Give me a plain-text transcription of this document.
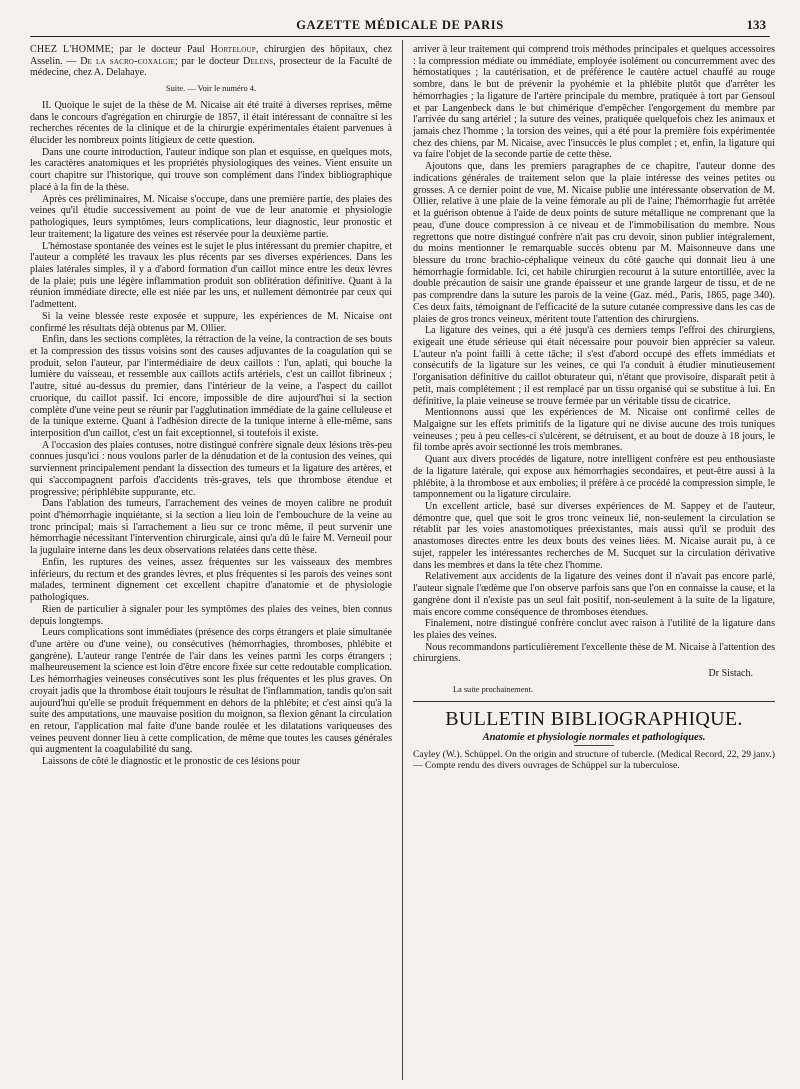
GAZETTE MÉDICALE DE PARIS	133

CHEZ L'HOMME; par le docteur Paul Horteloup, chirurgien des hôpitaux, chez Asselin. — De la sacro-coxalgie; par le docteur Delens, prosecteur de la Faculté de médecine, chez A. Delahaye.

Suite. — Voir le numéro 4.

II. Quoique le sujet de la thèse de M. Nicaise ait été traité à diverses reprises, même dans le concours d'agrégation en chirurgie de 1857, il était intéressant de connaître si les recherches récentes de la clinique et de la chirurgie expérimentales étaient parvenues à élucider les nombreux points litigieux de cette question.

Dans une courte introduction, l'auteur indique son plan et esquisse, en quelques mots, les caractères anatomiques et les propriétés physiologiques des veines. Vient ensuite un court chapitre sur l'historique, qui trouve son complément dans l'index bibliographique placé à la fin de la thèse.

Après ces préliminaires, M. Nicaise s'occupe, dans une première partie, des plaies des veines qu'il étudie successivement au point de vue de leur anatomie et physiologie pathologiques, leurs symptômes, leurs complications, leur diagnostic, leur pronostic et leur traitement; la ligature des veines est réservée pour la deuxième partie.

L'hémostase spontanée des veines est le sujet le plus intéressant du premier chapitre, et l'auteur a complété les travaux les plus récents par ses diverses expériences. Dans les plaies latérales simples, il y a d'abord formation d'un caillot mince entre les deux lèvres de la plaie; puis une légère inflammation produit son oblitération définitive. Quant à la réunion immédiate directe, elle est niée par les uns, et nullement démontrée par ceux qui l'admettent.

Si la veine blessée reste exposée et suppure, les expériences de M. Nicaise ont confirmé les résultats déjà obtenus par M. Ollier.

Enfin, dans les sections complètes, la rétraction de la veine, la contraction de ses bouts et la compression des tissus voisins sont des causes adjuvantes de la coagulation qui se produit, selon l'auteur, par l'intermédiaire de deux caillots : l'un, aplati, qui bouche la lumière du vaisseau, et ressemble aux caillots actifs artériels, c'est un caillot fibrineux ; l'autre, situé au-dessus du premier, dans l'intérieur de la veine, a l'aspect du caillot cruorique, du caillot passif. Ici encore, impossible de dire aujourd'hui si la section complète d'une veine peut se réunir par l'agglutination immédiate de la gaine celluleuse et de la tunique externe. Quant à l'adhésion directe de la tunique interne à elle-même, sans interposition d'un caillot, c'est un fait exceptionnel, si toutefois il existe.

A l'occasion des plaies contuses, notre distingué confrère signale deux lésions très-peu connues jusqu'ici : nous voulons parler de la dénudation et de la contusion des veines, qui surviennent principalement pendant la dissection des tumeurs et la ligature des artères, et qui s'accompagnent parfois d'accidents très-graves, tels que thrombose étendue et progressive; périphlébite suppurante, etc.

Dans l'ablation des tumeurs, l'arrachement des veines de moyen calibre ne produit point d'hémorrhagie inquiétante, si la section a lieu loin de l'embouchure de la veine au tronc principal; mais si l'arrachement a lieu sur ce tronc même, il peut survenir une hémorrhagie nécessitant l'intervention chirurgicale, ainsi qu'a dû le faire M. Verneuil pour la jugulaire interne dans les deux observations relatées dans cette thèse.

Enfin, les ruptures des veines, assez fréquentes sur les vaisseaux des membres inférieurs, du rectum et des grandes lèvres, et plus fréquentes si les parois des veines sont malades, terminent dignement cet excellent chapitre d'anatomie et de physiologie pathologiques.

Rien de particulier à signaler pour les symptômes des plaies des veines, bien connus depuis longtemps.

Leurs complications sont immédiates (présence des corps étrangers et plaie simultanée d'une artère ou d'une veine), ou consécutives (hémorrhagies, thromboses, phlébite et gangrène). L'auteur range l'entrée de l'air dans les veines parmi les corps étrangers ; malheureusement la science est loin d'être encore fixée sur cette redoutable complication. Les hémorrhagies veineuses consécutives sont les plus fréquentes et les plus graves. On croyait jadis que la thrombose était toujours le résultat de l'inflammation, tandis qu'on sait aujourd'hui qu'elle se produit fréquemment en dehors de la phlébite; et c'est ainsi qu'à la suite des amputations, une mauvaise position du moignon, sa flexion gênant la circulation en retour, l'application mal faite d'une bande roulée et les dilatations variqueuses des veines peuvent donner lieu à cette complication, de même que toutes les causes générales qui augmentent la coagulabilité du sang.

Laissons de côté le diagnostic et le pronostic de ces lésions pour

arriver à leur traitement qui comprend trois méthodes principales et quelques accessoires : la compression médiate ou immédiate, employée isolément ou concurremment avec des hémostatiques ; la cautérisation, et de préférence le cautère actuel chauffé au rouge sombre, dans le but de prévenir la pyohémie et la phlébite plutôt que d'arrêter les hémorrhagies ; la ligature de l'artère principale du membre, pratiquée à tort par Gensoul et par Langenbeck dans le but chimérique d'empêcher l'engorgement du membre par l'arrivée du sang artériel ; la suture des veines, pratiquée quelquefois chez les animaux et jamais chez l'homme ; la torsion des veines, qui a été pour la première fois expérimentée chez des chiens, par M. Nicaise, avec l'insuccès le plus complet ; et, enfin, la ligature qui va faire l'objet de la seconde partie de cette thèse.

Ajoutons que, dans les premiers paragraphes de ce chapitre, l'auteur donne des indications générales de traitement selon que la plaie intéresse des veines petites ou grosses. A ce dernier point de vue, M. Nicaise publie une intéressante observation de M. Ollier, relative à une plaie de la veine fémorale au pli de l'aine; l'hémorrhagie fut arrêtée et la guérison obtenue à l'aide de deux points de suture métallique ne comprenant que la peau, d'une douce compression à ce niveau et de l'immobilisation du membre. Nous regrettons que notre distingué confrère n'ait pas cru devoir, sinon publier intégralement, du moins mentionner le remarquable succès obtenu par M. Maisonneuve dans une blessure du tronc brachio-céphalique veineux du côté gauche qui donnait lieu à une hémorrhagie formidable. Ici, cet habile chirurgien recourut à la suture entortillée, avec la double précaution de saisir une grande épaisseur et une grande largeur de tissu, et de ne pas comprendre dans la suture les parois de la veine (Gaz. méd., Paris, 1865, page 340). Ces deux faits, témoignant de l'efficacité de la suture cutanée compressive dans les cas de plaies de gros troncs veineux, méritent toute l'attention des chirurgiens.

La ligature des veines, qui a été jusqu'à ces derniers temps l'effroi des chirurgiens, exigeait une étude sérieuse qui était nécessaire pour pouvoir bien apprécier sa valeur. L'auteur n'a point failli à cette tâche; il s'est d'abord occupé des effets immédiats et consécutifs de la ligature sur les veines, ce qui l'a conduit à étudier minutieusement l'organisation définitive du caillot obturateur qui, n'étant que provisoire, disparaît petit à petit, mais complétement ; il est remplacé par un tissu organisé qui se substitue à lui. En définitive, la plaie veineuse se trouve fermée par un véritable tissu de cicatrice.

Mentionnons aussi que les expériences de M. Nicaise ont confirmé celles de Malgaigne sur les effets primitifs de la ligature qui ne divise aucune des trois tuniques veineuses ; peu à peu celles-ci s'ulcèrent, se détruisent, et au bout de douze à 18 jours, le fil tombe après avoir sectionné les trois membranes.

Quant aux divers procédés de ligature, notre intelligent confrère est peu enthousiaste de la ligature latérale, qui expose aux hémorrhagies secondaires, et peut-être aussi à la phlébite, à la thrombose et aux embolies; il préfère à ce procédé la compression simple, le tamponnement ou la ligature circulaire.

Un excellent article, basé sur diverses expériences de M. Sappey et de l'auteur, démontre que, quel que soit le gros tronc veineux lié, non-seulement la circulation se rétablit par les voies anastomotiques préexistantes, mais aussi qu'il se produit des anastomoses directes entre les deux bouts des veines liées. M. Nicaise aurait pu, à ce sujet, rappeler les intéressantes recherches de M. Sucquet sur la circulation dérivative dans les membres et dans la tête chez l'homme.

Relativement aux accidents de la ligature des veines dont il n'avait pas encore parlé, l'auteur signale l'œdème que l'on observe parfois sans que l'on en connaisse la cause, et la gangrène dont il n'existe pas un seul fait positif, non-seulement à la suite de la ligature, mais encore comme conséquence de thromboses étendues.

Finalement, notre distingué confrère conclut avec raison à l'utilité de la ligature dans les plaies des veines.

Nous recommandons particulièrement l'excellente thèse de M. Nicaise à l'attention des chirurgiens.

Dr Sistach.
La suite prochainement.
BULLETIN BIBLIOGRAPHIQUE.
Anatomie et physiologie normales et pathologiques.

Cayley (W.). Schüppel. On the origin and structure of tubercle. (Medical Record, 22, 29 janv.) — Compte rendu des divers ouvrages de Schüppel sur la tuberculose.
